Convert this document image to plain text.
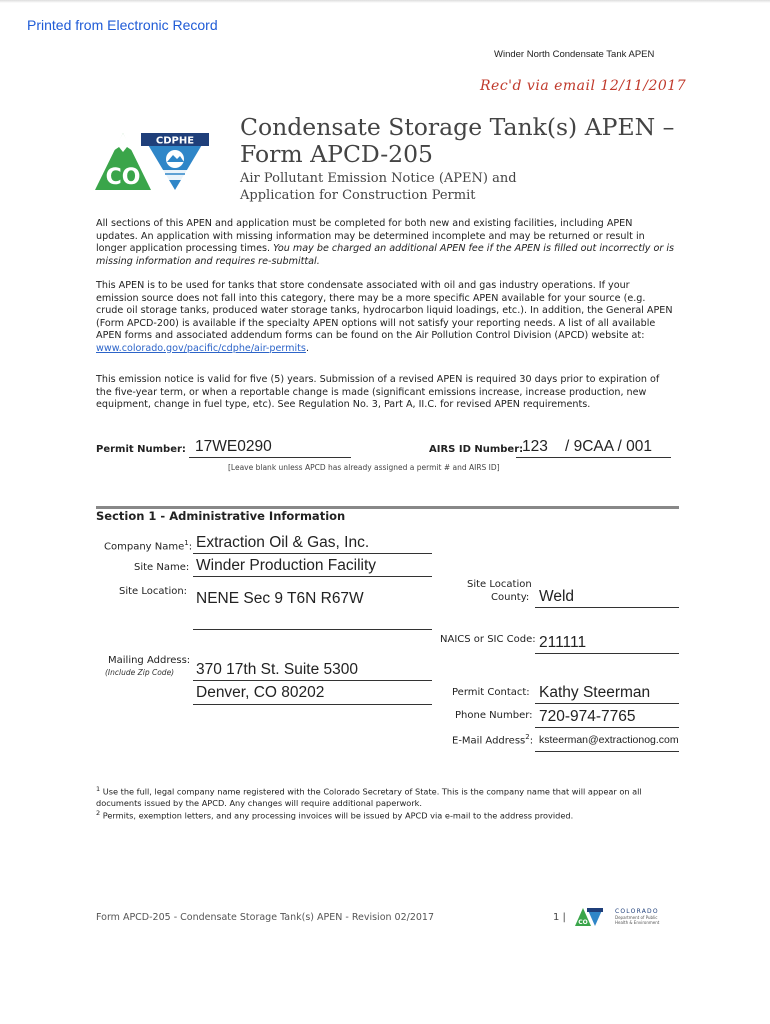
Printed from Electronic Record
Winder North Condensate Tank APEN
Rec'd via email 12/11/2017
CO
CDPHE Condensate Storage Tank(s) APEN –
Form APCD-205
Air Pollutant Emission Notice (APEN) and
Application for Construction Permit
All sections of this APEN and application must be completed for both new and existing facilities, including APEN updates. An application with missing information may be determined incomplete and may be returned or result in longer application processing times. You may be charged an additional APEN fee if the APEN is filled out incorrectly or is missing information and requires re-submittal.
This APEN is to be used for tanks that store condensate associated with oil and gas industry operations. If your emission source does not fall into this category, there may be a more specific APEN available for your source (e.g. crude oil storage tanks, produced water storage tanks, hydrocarbon liquid loadings, etc.). In addition, the General APEN (Form APCD-200) is available if the specialty APEN options will not satisfy your reporting needs. A list of all available APEN forms and associated addendum forms can be found on the Air Pollution Control Division (APCD) website at: www.colorado.gov/pacific/cdphe/air-permits.
This emission notice is valid for five (5) years. Submission of a revised APEN is required 30 days prior to expiration of the five-year term, or when a reportable change is made (significant emissions increase, increase production, new equipment, change in fuel type, etc). See Regulation No. 3, Part A, II.C. for revised APEN requirements.
Permit Number: 17WE0290	AIRS ID Number:
123 / 9CAA / 001
[Leave blank unless APCD has already assigned a permit # and AIRS ID]
Section 1 - Administrative Information
Company Name$^1$: Extraction Oil & Gas, Inc.
Site Name: Winder Production Facility
Site Location: NENE Sec 9 T6N R67W
Site Location
County: Weld
NAICS or SIC Code: 211111
Mailing Address:
(Include Zip Code) 370 17th St. Suite 5300
Denver, CO 80202	Permit Contact: Kathy Steerman
Phone Number: 720-974-7765
E-Mail Address$^2$: ksteerman@extractionog.com
$^1$ Use the full, legal company name registered with the Colorado Secretary of State. This is the company name that will appear on all documents issued by the APCD. Any changes will require additional paperwork.
$^2$ Permits, exemption letters, and any processing invoices will be issued by APCD via e-mail to the address provided.
Form APCD-205 - Condensate Storage Tank(s) APEN - Revision 02/2017	1 | CO
COLORADO
Department of Public
Health & Environment
